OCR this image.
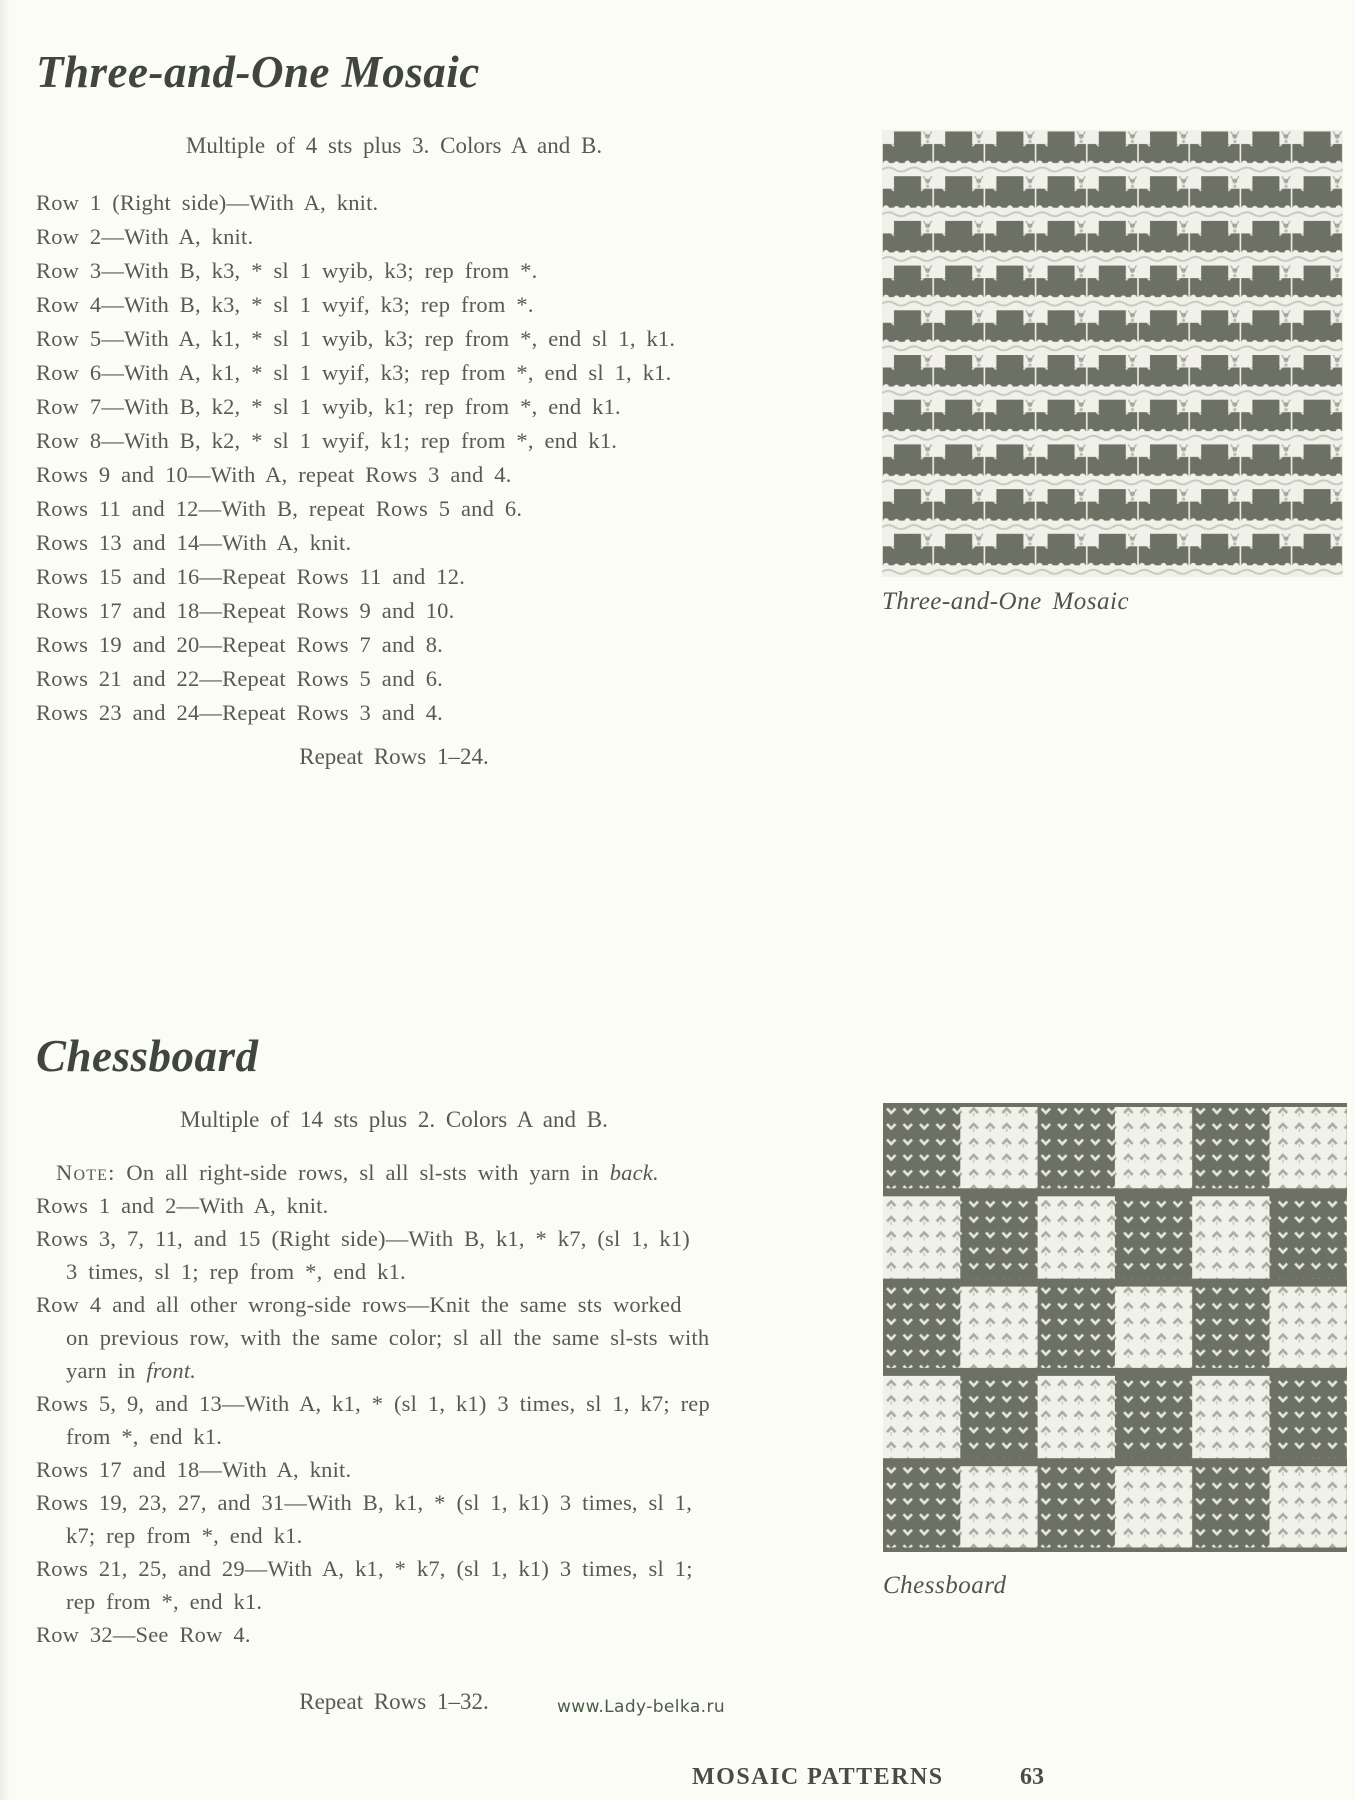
Three-and-One Mosaic

Multiple of 4 sts plus 3. Colors A and B.

Row 1 (Right side)—With A, knit.
Row 2—With A, knit.
Row 3—With B, k3, * sl 1 wyib, k3; rep from *.
Row 4—With B, k3, * sl 1 wyif, k3; rep from *.
Row 5—With A, k1, * sl 1 wyib, k3; rep from *, end sl 1, k1.
Row 6—With A, k1, * sl 1 wyif, k3; rep from *, end sl 1, k1.
Row 7—With B, k2, * sl 1 wyib, k1; rep from *, end k1.
Row 8—With B, k2, * sl 1 wyif, k1; rep from *, end k1.
Rows 9 and 10—With A, repeat Rows 3 and 4.
Rows 11 and 12—With B, repeat Rows 5 and 6.
Rows 13 and 14—With A, knit.
Rows 15 and 16—Repeat Rows 11 and 12.
Rows 17 and 18—Repeat Rows 9 and 10.
Rows 19 and 20—Repeat Rows 7 and 8.
Rows 21 and 22—Repeat Rows 5 and 6.
Rows 23 and 24—Repeat Rows 3 and 4.

Repeat Rows 1–24.

Three-and-One Mosaic
Chessboard

Multiple of 14 sts plus 2. Colors A and B.

Note: On all right-side rows, sl all sl-sts with yarn in back.
Rows 1 and 2—With A, knit.
Rows 3, 7, 11, and 15 (Right side)—With B, k1, * k7, (sl 1, k1)
3 times, sl 1; rep from *, end k1.
Row 4 and all other wrong-side rows—Knit the same sts worked
on previous row, with the same color; sl all the same sl-sts with
yarn in front.
Rows 5, 9, and 13—With A, k1, * (sl 1, k1) 3 times, sl 1, k7; rep
from *, end k1.
Rows 17 and 18—With A, knit.
Rows 19, 23, 27, and 31—With B, k1, * (sl 1, k1) 3 times, sl 1,
k7; rep from *, end k1.
Rows 21, 25, and 29—With A, k1, * k7, (sl 1, k1) 3 times, sl 1;
rep from *, end k1.
Row 32—See Row 4.

Repeat Rows 1–32.

Chessboard
www.Lady-belka.ru
MOSAIC PATTERNS	63
